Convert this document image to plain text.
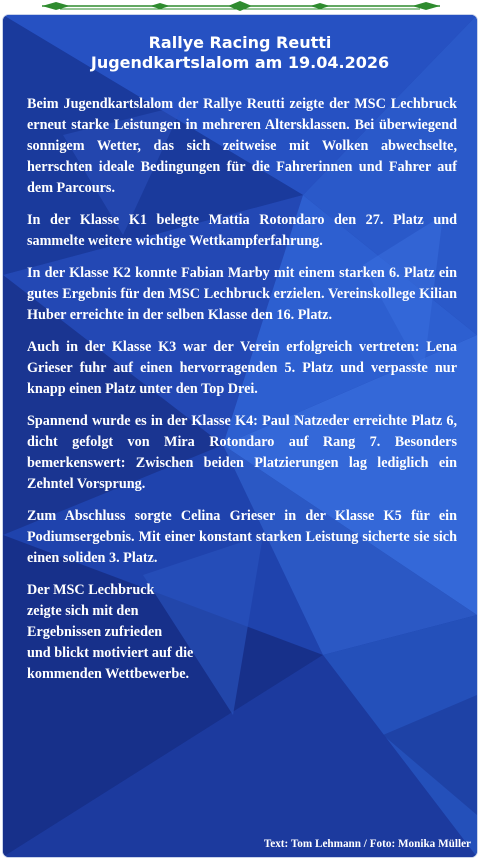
Rallye Racing Reutti
Jugendkartslalom am 19.04.2026

Beim Jugendkartslalom der Rallye Reutti zeigte der MSC Lechbruck erneut starke Leistungen in mehreren Altersklassen. Bei überwiegend sonnigem Wetter, das sich zeitweise mit Wolken abwechselte, herrschten ideale Bedingungen für die Fahrerinnen und Fahrer auf dem Parcours.

In der Klasse K1 belegte Mattia Rotondaro den 27. Platz und sammelte weitere wichtige Wettkampferfahrung.

In der Klasse K2 konnte Fabian Marby mit einem starken 6. Platz ein gutes Ergebnis für den MSC Lechbruck erzielen. Vereinskollege Kilian Huber erreichte in der selben Klasse den 16. Platz.

Auch in der Klasse K3 war der Verein erfolgreich vertreten: Lena Grieser fuhr auf einen hervorragenden 5. Platz und verpasste nur knapp einen Platz unter den Top Drei.

Spannend wurde es in der Klasse K4: Paul Natzeder erreichte Platz 6, dicht gefolgt von Mira Rotondaro auf Rang 7. Besonders bemerkenswert: Zwischen beiden Platzierungen lag lediglich ein Zehntel Vorsprung.

Zum Abschluss sorgte Celina Grieser in der Klasse K5 für ein Podiumsergebnis. Mit einer konstant starken Leistung sicherte sie sich einen soliden 3. Platz.

Der MSC Lechbruck
zeigte sich mit den
Ergebnissen zufrieden
und blickt motiviert auf die
kommenden Wettbewerbe.

Text: Tom Lehmann / Foto: Monika Müller
